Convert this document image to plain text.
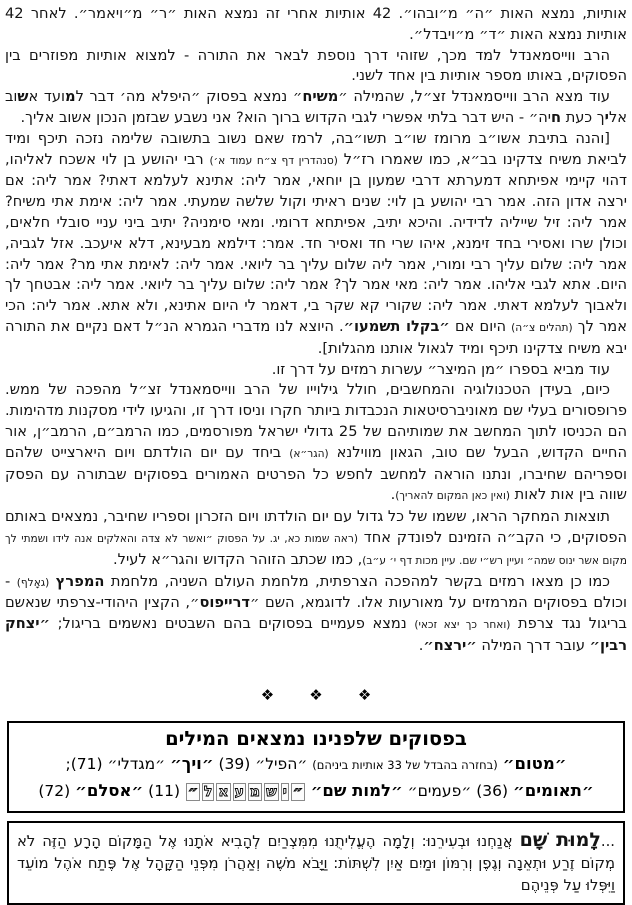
אותיות, נמצא האות ״ה״ מ״ובהו״. 42 אותיות אחרי זה נמצא האות ״ר״ מ״ויאמר״. לאחר 42 אותיות נמצא האות ״ד״ מ״ויבדל״.

הרב ווייסמאנדל למד מכך, שזוהי דרך נוספת לבאר את התורה - למצוא אותיות מפוזרים בין הפסוקים, באותו מספר אותיות בין אחד לשני.

עוד מצא הרב ווייסמאנדל זצ״ל, שהמילה ״משיח״ נמצא בפסוק ״היפלא מה׳ דבר למועד אשוב אליך כעת חיה״ - היש דבר בלתי אפשרי לגבי הקדוש ברוך הוא? אני נשבע שבזמן הנכון אשוב אליך.

[והנה בתיבת אשו״ב מרומז שו״ב תשו״בה, לרמז שאם נשוב בתשובה שלימה נזכה תיכף ומיד לביאת משיח צדקינו בב״א, כמו שאמרו רז״ל (סנהדרין דף צ״ח עמוד א׳) רבי יהושע בן לוי אשכח לאליהו, דהוי קיימי אפיתחא דמערתא דרבי שמעון בן יוחאי, אמר ליה: אתינא לעלמא דאתי? אמר ליה: אם ירצה אדון הזה. אמר רבי יהושע בן לוי: שנים ראיתי וקול שלשה שמעתי. אמר ליה: אימת אתי משיח? אמר ליה: זיל שייליה לדידיה. והיכא יתיב, אפיתחא דרומי. ומאי סימניה? יתיב ביני עניי סובלי חלאים, וכולן שרו ואסירי בחד זימנא, איהו שרי חד ואסיר חד. אמר: דילמא מבעינא, דלא איעכב. אזל לגביה, אמר ליה: שלום עליך רבי ומורי, אמר ליה שלום עליך בר ליואי. אמר ליה: לאימת אתי מר? אמר ליה: היום. אתא לגבי אליהו. אמר ליה: מאי אמר לך? אמר ליה: שלום עליך בר ליואי. אמר ליה: אבטחך לך ולאבוך לעלמא דאתי. אמר ליה: שקורי קא שקר בי, דאמר לי היום אתינא, ולא אתא. אמר ליה: הכי אמר לך (תהלים צ״ה) היום אם ״בקלו תשמעו״. היוצא לנו מדברי הגמרא הנ״ל דאם נקיים את התורה יבא משיח צדקינו תיכף ומיד לגאול אותנו מהגלות].

עוד מביא בספרו ״מן המיצר״ עשרות רמזים על דרך זו.

כיום, בעידן הטכנולוגיה והמחשבים, חולל גילוייו של הרב ווייסמאנדל זצ״ל מהפכה של ממש. פרופסורים בעלי שם מאוניברסיטאות הנכבדות ביותר חקרו וניסו דרך זו, והגיעו לידי מסקנות מדהימות. הם הכניסו לתוך המחשב את שמותיהם של 25 גדולי ישראל מפורסמים, כמו הרמב״ם, הרמב״ן, אור החיים הקדוש, הבעל שם טוב, הגאון מווילנא (הגר״א) ביחד עם יום הולדתם ויום היארצייט שלהם וספריהם שחיברו, ונתנו הוראה למחשב לחפש כל הפרטים האמורים בפסוקים שבתורה עם הפסק שווה בין אות לאות (ואין כאן המקום להאריך).

תוצאות המחקר הראו, ששמו של כל גדול עם יום הולדתו ויום הזכרון וספריו שחיבר, נמצאים באותם הפסוקים, כי הקב״ה הזמינם לפונדק אחד (ראה שמות כא, יג. על הפסוק ״ואשר לא צדה והאלקים אנה לידו ושמתי לך מקום אשר ינוס שמה״ ועיין רש״י שם. עיין מכות דף י׳ ע״ב), כמו שכתב הזוהר הקדוש והגר״א לעיל.

כמו כן מצאו רמזים בקשר למהפכה הצרפתית, מלחמת העולם השניה, מלחמת המפרץ (גאָלף) - וכולם בפסוקים המרמזים על מאורעות אלו. לדוגמא, השם ״דרייפוס״, הקצין היהודי-צרפתי שנאשם בריגול נגד צרפת (ואחר כך יצא זכאי) נמצא פעמיים בפסוקים בהם השבטים נאשמים בריגול; ״יצחק רבין״ עובר דרך המילה ״ירצח״.

❖ ❖ ❖
בפסוקים שלפנינו נמצאים המילים
״מטום״ (בחזרה בהבדל של 33 אותיות ביניהם) ״הפיל״ (39) ״ויך״ ״מגדלי״ (71);
״תאומים״ (36) ״פעמים״ ״למות שם״ ״ישמעאל״ (11) ״אסלם״ (72)

...לָמוּת שָׁם אֲנַחְנוּ וּבְעִירֵנוּ: וְלָמָה הֶעֱלִיתֻנוּ מִמִּצְרַיִם לְהָבִיא אֹתָנוּ אֶל הַמָּקוֹם הָרָע הַזֶּה לֹא מְקוֹם זֶרַע וּתְאֵנָה וְגֶפֶן וְרִמּוֹן וּמַיִם אַיִן לִשְׁתּוֹת: וַיָּבֹא מֹשֶׁה וְאַהֲרֹן מִפְּנֵי הַקָּהָל אֶל פֶּתַח אֹהֶל מוֹעֵד וַיִּפְּלוּ עַל פְּנֵיהֶם
